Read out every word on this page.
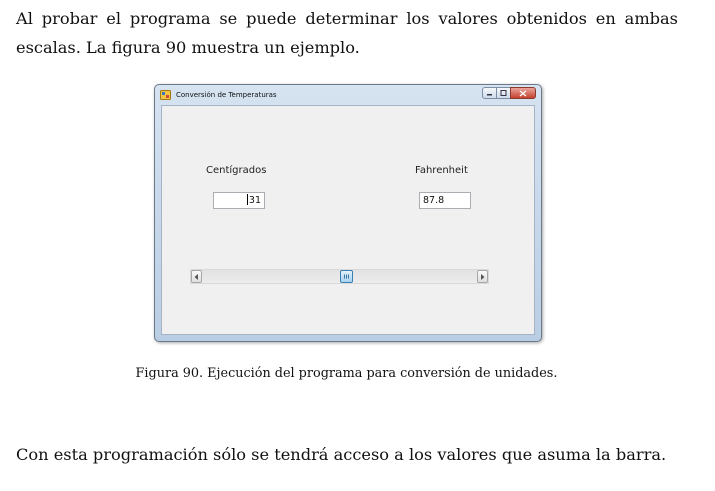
Al probar el programa se puede determinar los valores obtenidos en ambas escalas. La figura 90 muestra un ejemplo.

Conversión de Temperaturas
Centígrados	Fahrenheit
31	87.8
Figura 90. Ejecución del programa para conversión de unidades.

Con esta programación sólo se tendrá acceso a los valores que asuma la barra.
